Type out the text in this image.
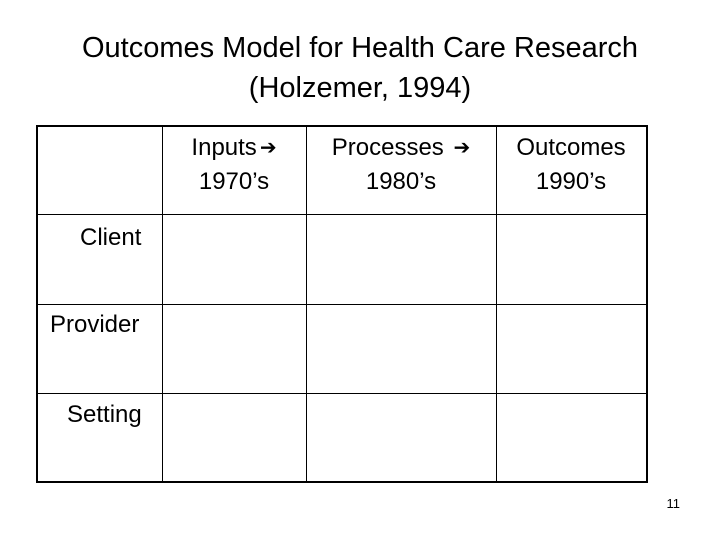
Outcomes Model for Health Care Research
(Holzemer, 1994)
Inputs ➔
1970’s
Processes ➔
1980’s
Outcomes
1990’s
Client
Provider
Setting
11
